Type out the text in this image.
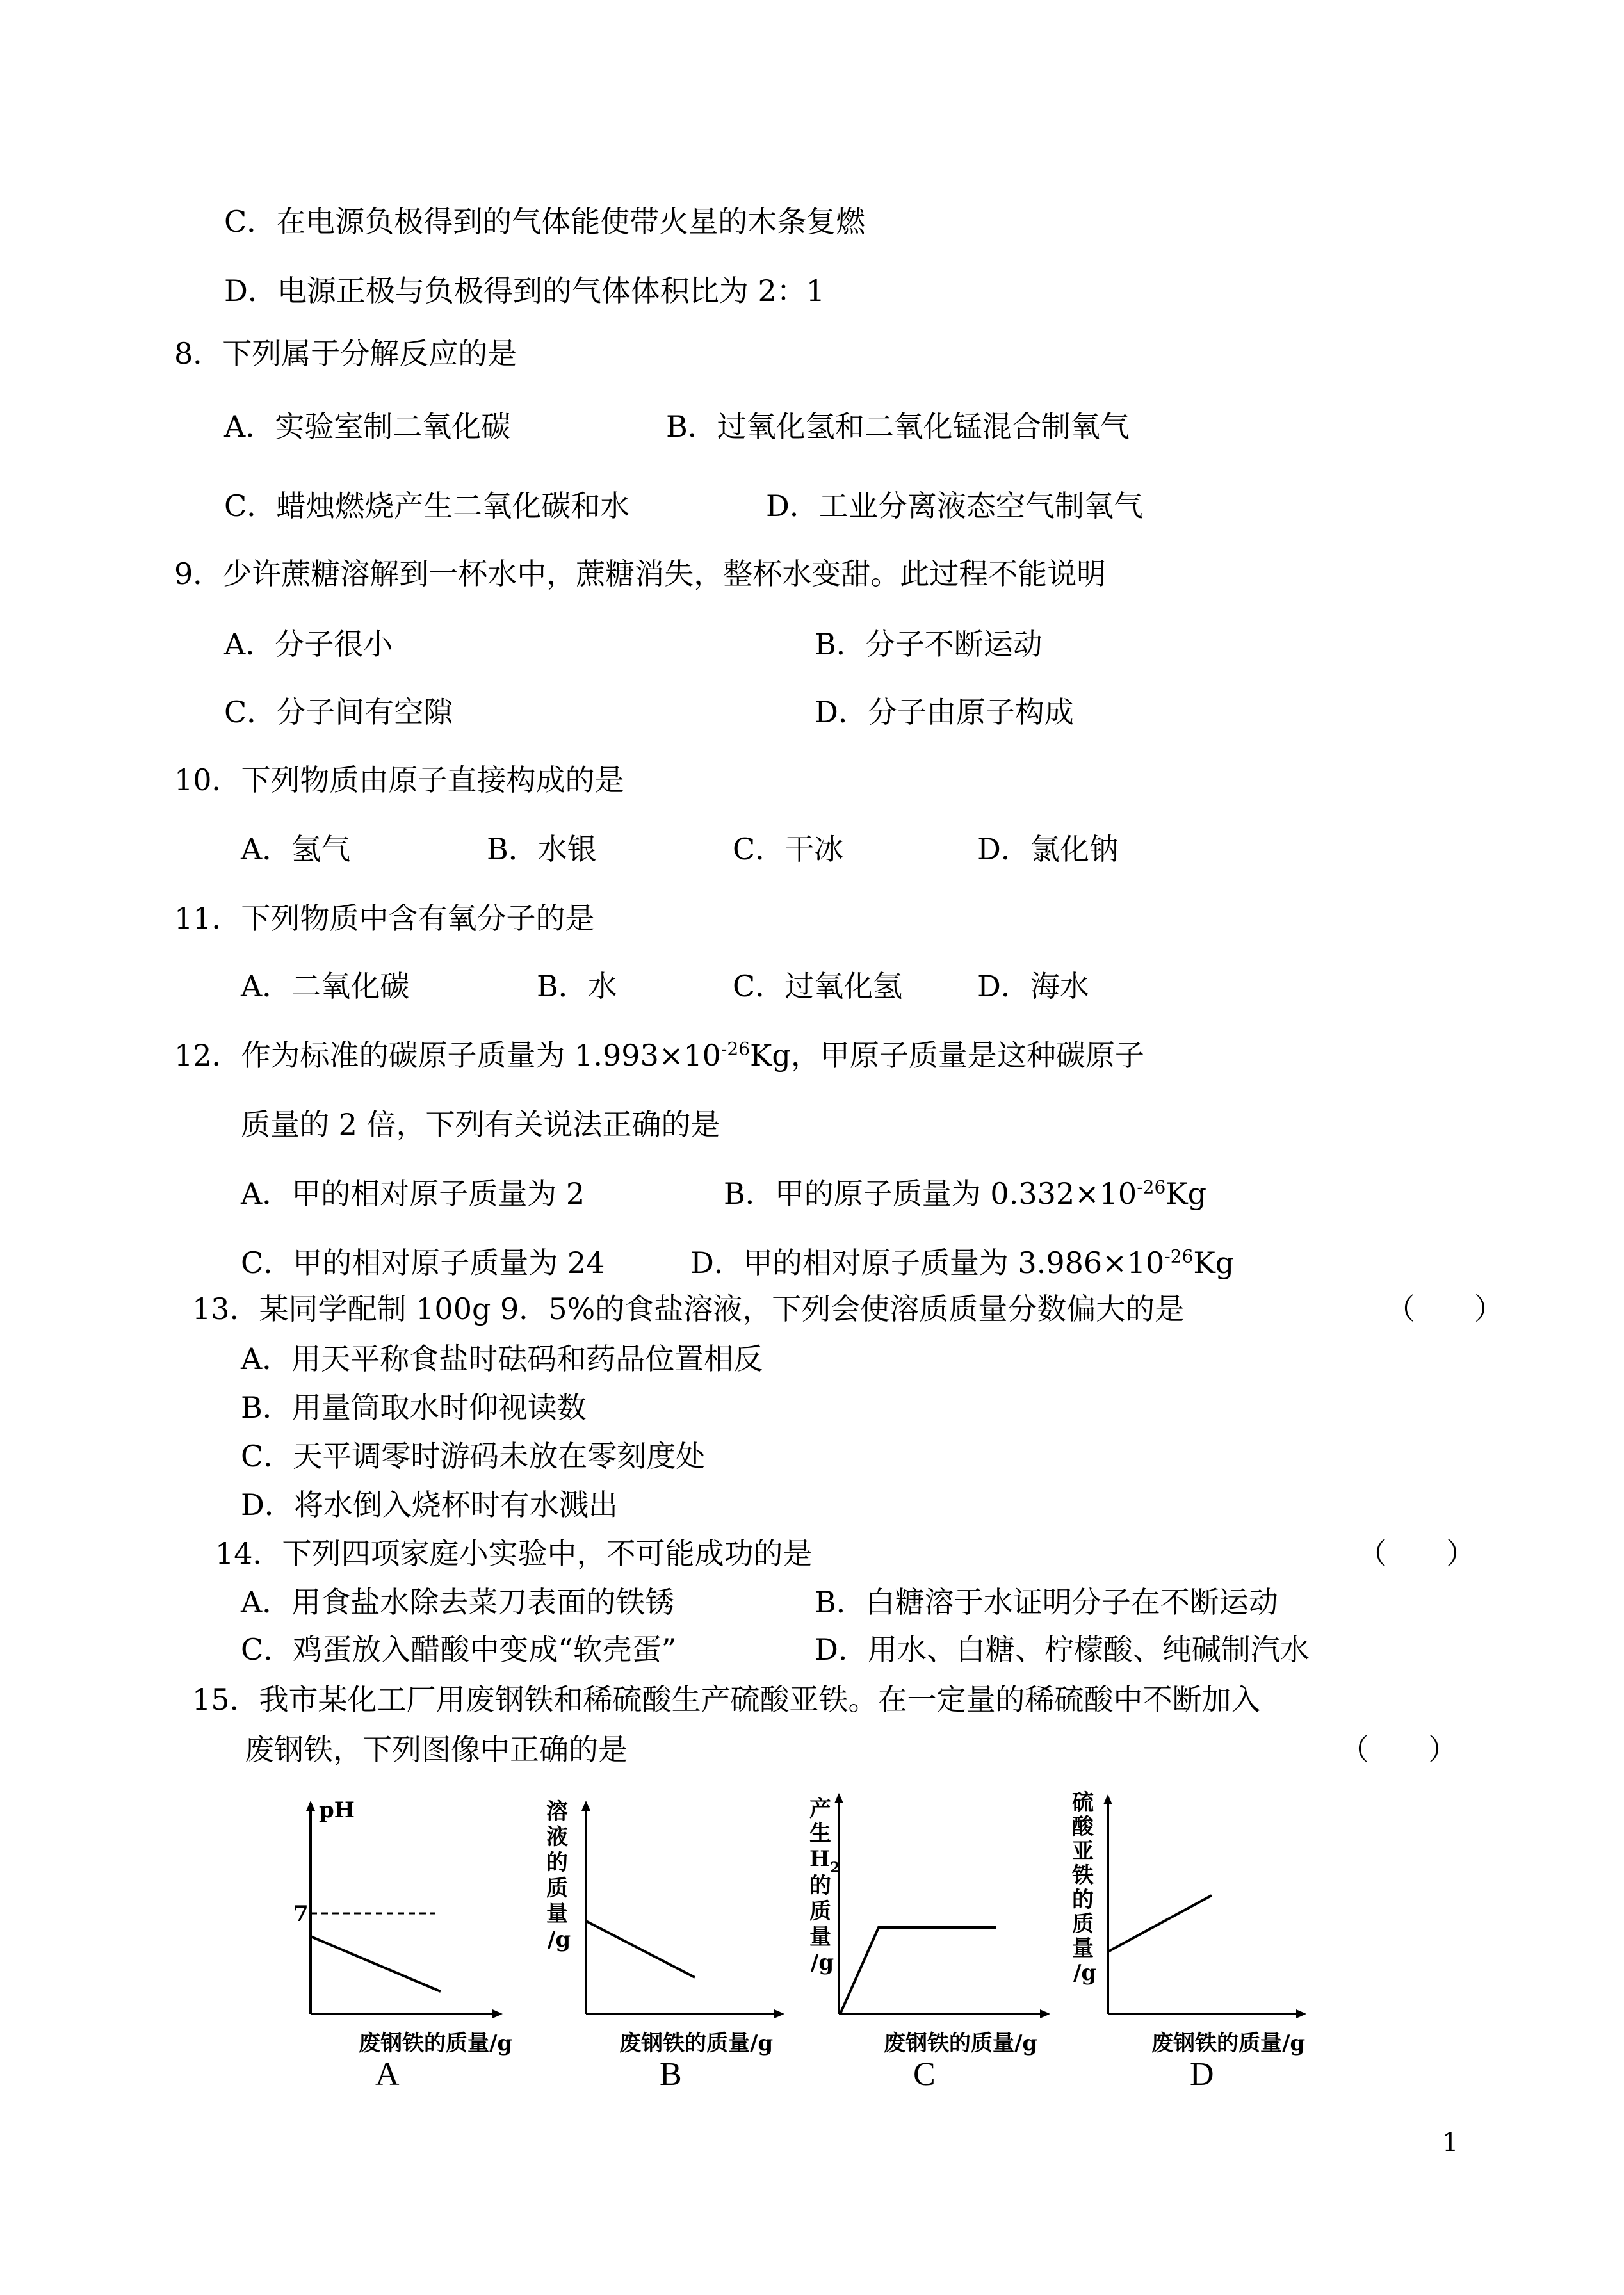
C．在电源负极得到的气体能使带火星的木条复燃
D．电源正极与负极得到的气体体积比为 2：1
8．下列属于分解反应的是
A．实验室制二氧化碳	B．过氧化氢和二氧化锰混合制氧气
C．蜡烛燃烧产生二氧化碳和水	D．工业分离液态空气制氧气
9．少许蔗糖溶解到一杯水中，蔗糖消失，整杯水变甜。此过程不能说明
A．分子很小	B．分子不断运动
C．分子间有空隙	D．分子由原子构成
10．下列物质由原子直接构成的是
A．氢气	B．水银	C．干冰	D．氯化钠
11．下列物质中含有氧分子的是
A．二氧化碳	B．水	C．过氧化氢	D．海水
12．作为标准的碳原子质量为 $1.993\times 10^{-26}Kg$，甲原子质量是这种碳原子
质量的 2 倍，下列有关说法正确的是
A．甲的相对原子质量为 2	B．甲的原子质量为 $0.332\times 10^{-26}Kg$
C．甲的相对原子质量为 24	D．甲的相对原子质量为 $3.986\times 10^{-26}Kg$
13．某同学配制 100g 9．5%的食盐溶液，下列会使溶质质量分数偏大的是	（　　）
A．用天平称食盐时砝码和药品位置相反
B．用量筒取水时仰视读数
C．天平调零时游码未放在零刻度处
D．将水倒入烧杯时有水溅出
14．下列四项家庭小实验中，不可能成功的是	（　　）
A．用食盐水除去菜刀表面的铁锈	B．白糖溶于水证明分子在不断运动
C．鸡蛋放入醋酸中变成“软壳蛋”	D．用水、白糖、柠檬酸、纯碱制汽水
15．我市某化工厂用废钢铁和稀硫酸生产硫酸亚铁。在一定量的稀硫酸中不断加入
废钢铁，下列图像中正确的是	（　　）
pH
7
废钢铁的质量/g
溶液的质量/g
废钢铁的质量/g
产生 $H_2$ 的质量/g
废钢铁的质量/g
硫酸亚铁的质量/g
废钢铁的质量/g
A	B	C	D
1
